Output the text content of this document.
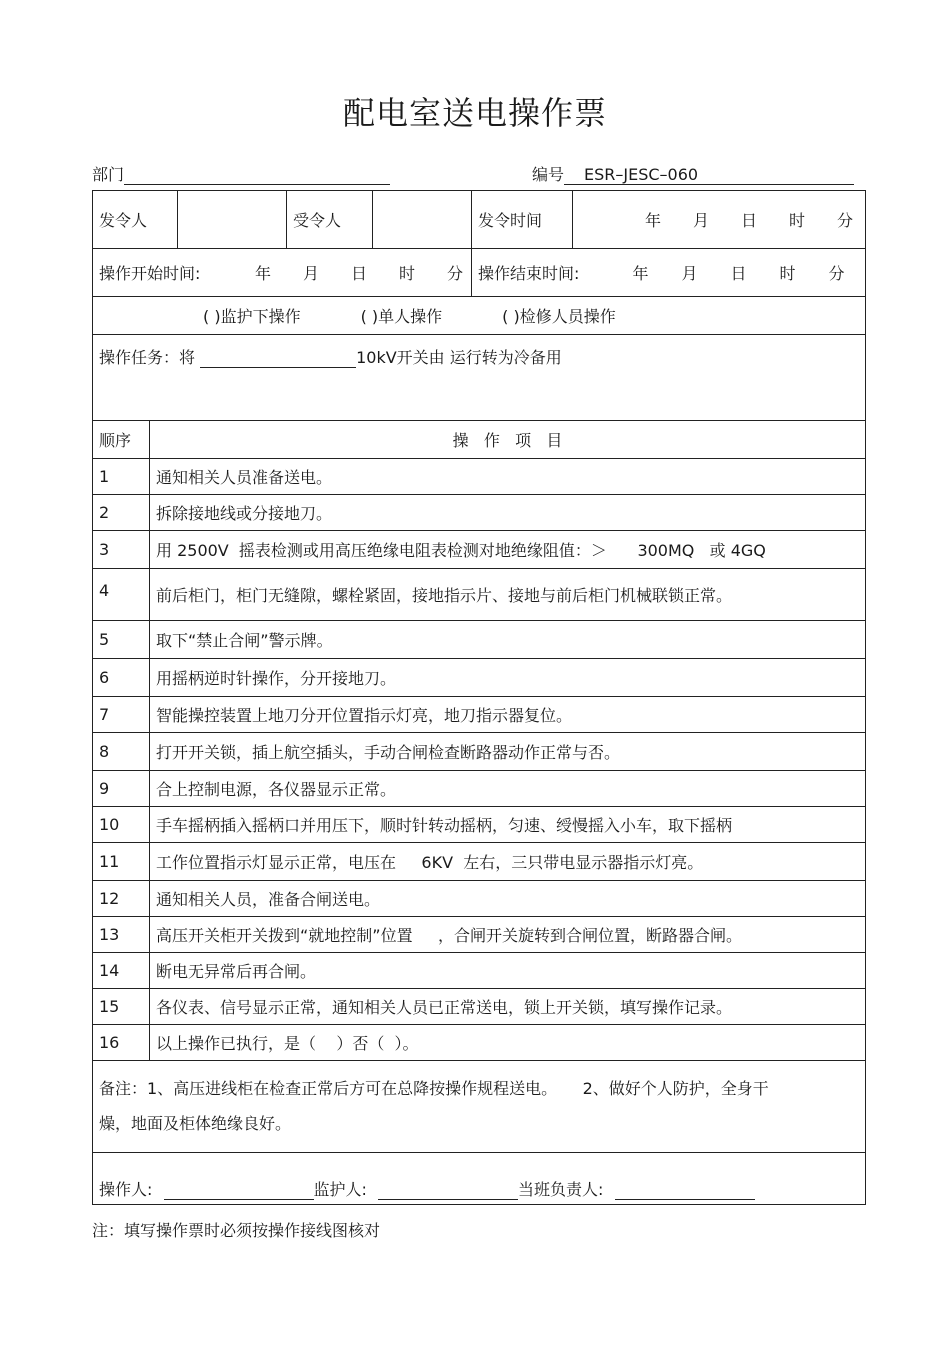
配电室送电操作票
部门	编号 ESR–JESC–060
发令人			受令人		发令时间	年 月 日 时 分
操作开始时间: 年 月 日 时 分					操作结束时间: 年 月 日 时 分	
( )监护下操作 ( )单人操作 ( )检修人员操作						
操作任务：将 10kV开关由 运行转为冷备用						
顺序	操   作   项   目					
1	通知相关人员准备送电。					
2	拆除接地线或分接地刀。					
3	用 2500V  摇表检测或用高压绝缘电阻表检测对地绝缘阻值：＞      300MQ   或 4GQ					
4	前后柜门，柜门无缝隙，螺栓紧固，接地指示片、接地与前后柜门机械联锁正常。					
5	取下“禁止合闸”警示牌。					
6	用摇柄逆时针操作，分开接地刀。					
7	智能操控装置上地刀分开位置指示灯亮，地刀指示器复位。					
8	打开开关锁，插上航空插头，手动合闸检查断路器动作正常与否。					
9	合上控制电源，各仪器显示正常。					
10	手车摇柄插入摇柄口并用压下，顺时针转动摇柄，匀速、绶慢摇入小车，取下摇柄					
11	工作位置指示灯显示正常，电压在     6KV  左右，三只带电显示器指示灯亮。					
12	通知相关人员，准备合闸送电。					
13	高压开关柜开关拨到“就地控制”位置     ，合闸开关旋转到合闸位置，断路器合闸。					
14	断电无异常后再合闸。					
15	各仪表、信号显示正常，通知相关人员已正常送电，锁上开关锁，填写操作记录。					
16	以上操作已执行，是（    ）否（  ）。					

备注：1、高压进线柜在检查正常后方可在总降按操作规程送电。     2、做好个人防护，全身干
燥，地面及柜体绝缘良好。						

操作人: 监护人: 当班负责人:						
注：填写操作票时必须按操作接线图核对
